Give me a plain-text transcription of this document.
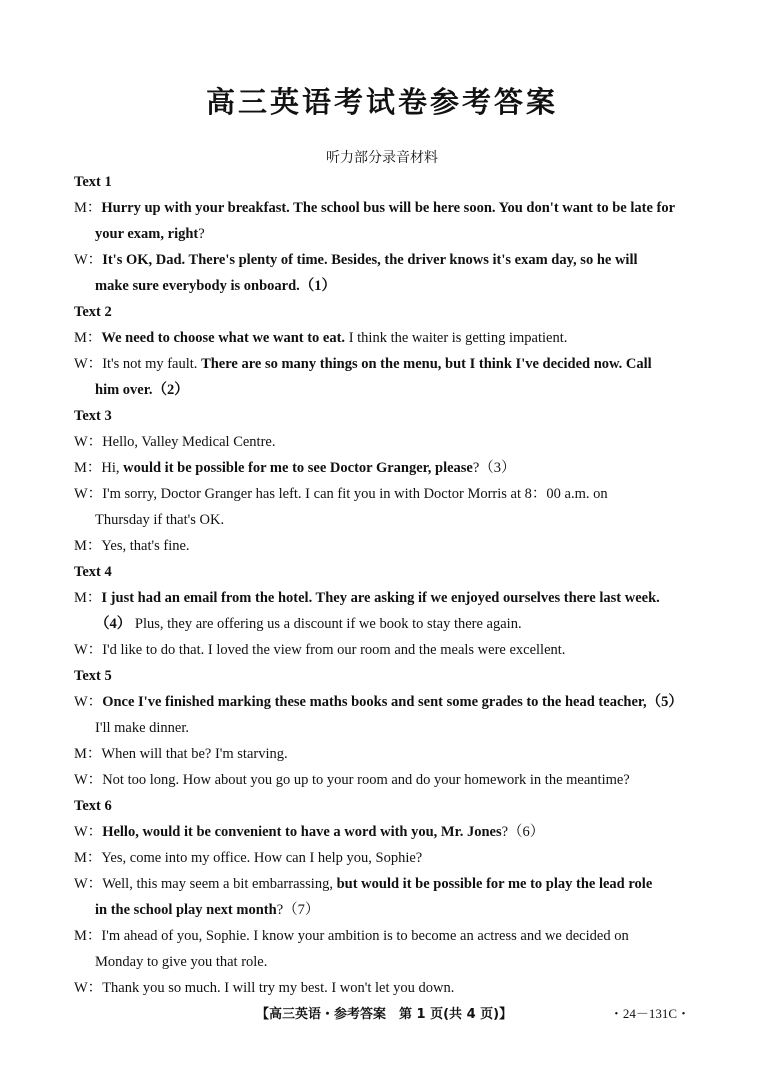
高三英语考试卷参考答案
听力部分录音材料
Text 1
M：Hurry up with your breakfast. The school bus will be here soon. You don't want to be late for
your exam, right?
W：It's OK, Dad. There's plenty of time. Besides, the driver knows it's exam day, so he will
make sure everybody is onboard.（1）
Text 2
M：We need to choose what we want to eat. I think the waiter is getting impatient.
W：It's not my fault. There are so many things on the menu, but I think I've decided now. Call
him over.（2）
Text 3
W：Hello, Valley Medical Centre.
M：Hi, would it be possible for me to see Doctor Granger, please?（3）
W：I'm sorry, Doctor Granger has left. I can fit you in with Doctor Morris at 8：00 a.m. on
Thursday if that's OK.
M：Yes, that's fine.
Text 4
M：I just had an email from the hotel. They are asking if we enjoyed ourselves there last week.
（4） Plus, they are offering us a discount if we book to stay there again.
W：I'd like to do that. I loved the view from our room and the meals were excellent.
Text 5
W：Once I've finished marking these maths books and sent some grades to the head teacher,（5）
I'll make dinner.
M：When will that be? I'm starving.
W：Not too long. How about you go up to your room and do your homework in the meantime?
Text 6
W：Hello, would it be convenient to have a word with you, Mr. Jones?（6）
M：Yes, come into my office. How can I help you, Sophie?
W：Well, this may seem a bit embarrassing, but would it be possible for me to play the lead role
in the school play next month?（7）
M：I'm ahead of you, Sophie. I know your ambition is to become an actress and we decided on
Monday to give you that role.
W：Thank you so much. I will try my best. I won't let you down.
【高三英语・参考答案　第 1 页(共 4 页)】	・24－131C・
